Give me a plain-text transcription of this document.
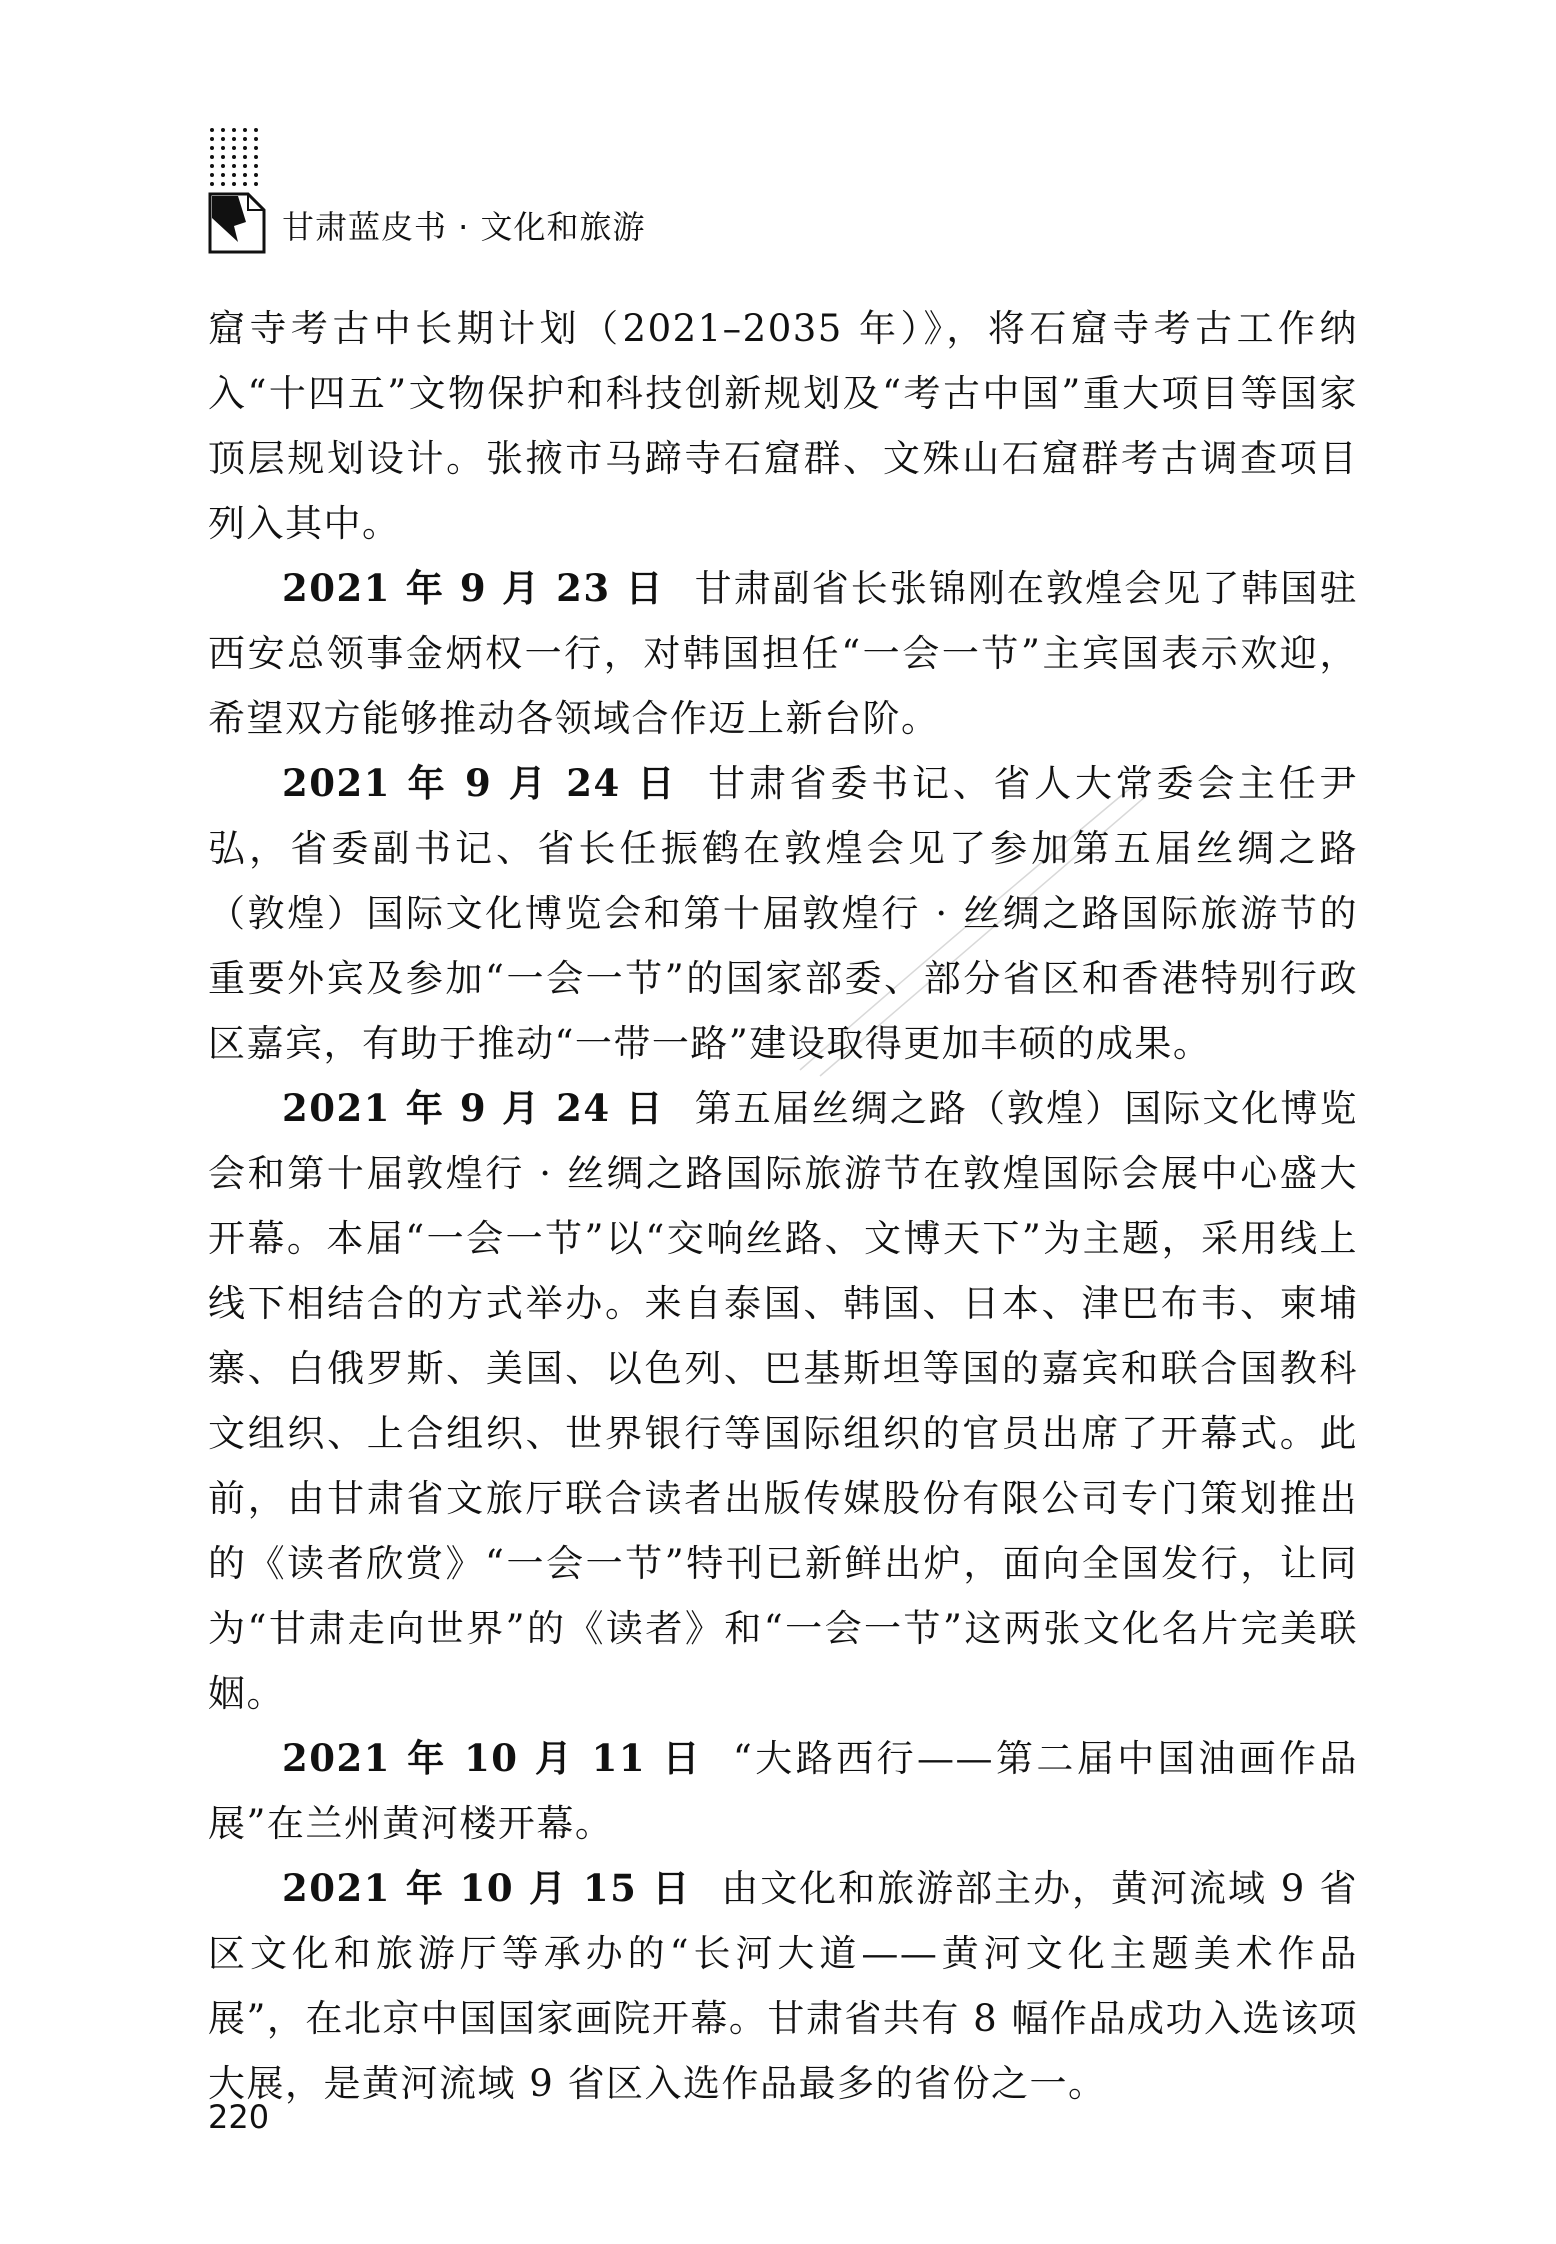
甘肃蓝皮书 · 文化和旅游

窟寺考古中长期计划（2021–2035 年）》，将石窟寺考古工作纳入“十四五”文物保护和科技创新规划及“考古中国”重大项目等国家顶层规划设计。张掖市马蹄寺石窟群、文殊山石窟群考古调查项目列入其中。

2021 年 9 月 23 日 甘肃副省长张锦刚在敦煌会见了韩国驻西安总领事金炳权一行，对韩国担任“一会一节”主宾国表示欢迎，希望双方能够推动各领域合作迈上新台阶。

2021 年 9 月 24 日 甘肃省委书记、省人大常委会主任尹弘，省委副书记、省长任振鹤在敦煌会见了参加第五届丝绸之路（敦煌）国际文化博览会和第十届敦煌行 · 丝绸之路国际旅游节的重要外宾及参加“一会一节”的国家部委、部分省区和香港特别行政区嘉宾，有助于推动“一带一路”建设取得更加丰硕的成果。

2021 年 9 月 24 日 第五届丝绸之路（敦煌）国际文化博览会和第十届敦煌行 · 丝绸之路国际旅游节在敦煌国际会展中心盛大开幕。本届“一会一节”以“交响丝路、文博天下”为主题，采用线上线下相结合的方式举办。来自泰国、韩国、日本、津巴布韦、柬埔寨、白俄罗斯、美国、以色列、巴基斯坦等国的嘉宾和联合国教科文组织、上合组织、世界银行等国际组织的官员出席了开幕式。此前，由甘肃省文旅厅联合读者出版传媒股份有限公司专门策划推出的《读者欣赏》“一会一节”特刊已新鲜出炉，面向全国发行，让同为“甘肃走向世界”的《读者》和“一会一节”这两张文化名片完美联姻。

2021 年 10 月 11 日 “大路西行——第二届中国油画作品展”在兰州黄河楼开幕。

2021 年 10 月 15 日 由文化和旅游部主办，黄河流域 9 省区文化和旅游厅等承办的“长河大道——黄河文化主题美术作品展”，在北京中国国家画院开幕。甘肃省共有 8 幅作品成功入选该项大展，是黄河流域 9 省区入选作品最多的省份之一。

220
